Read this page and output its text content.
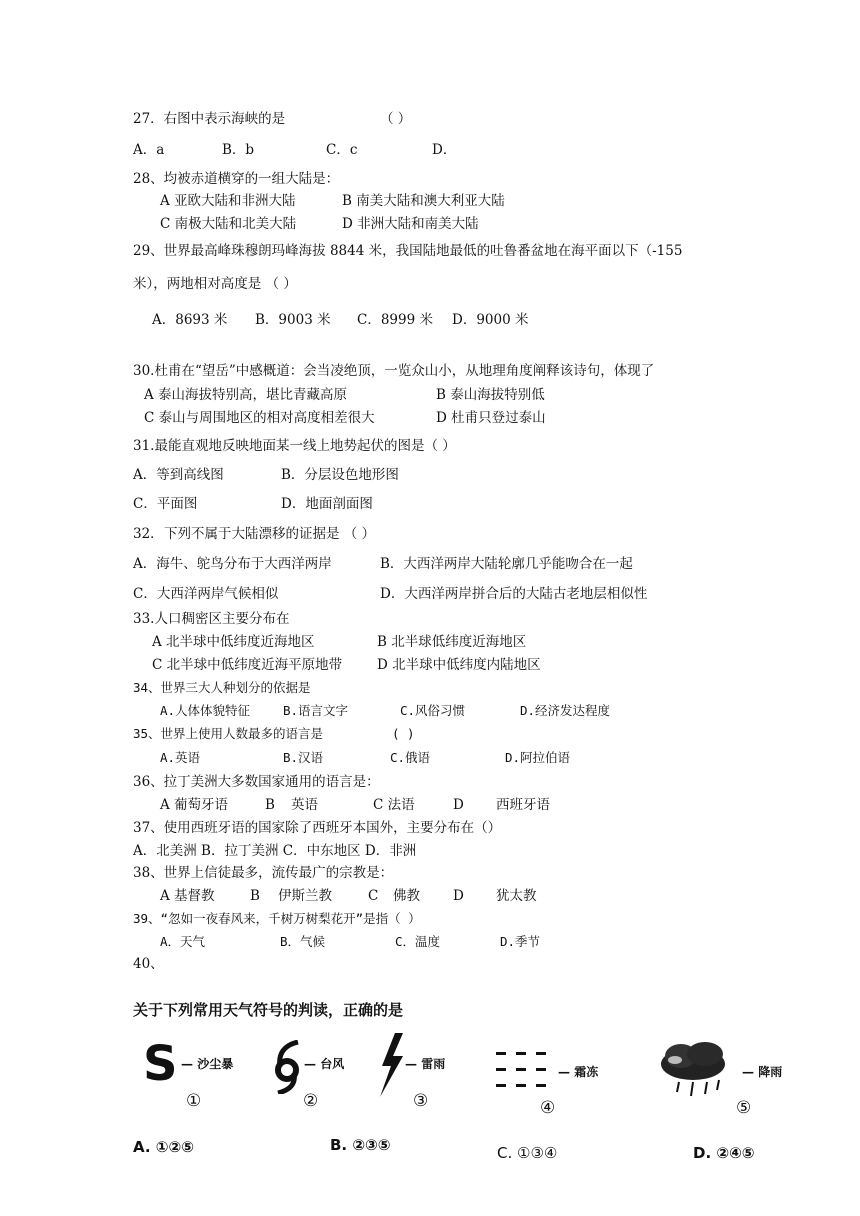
27．右图中表示海峡的是	（ ）
A．a	B．b	C．c	D．
28、均被赤道横穿的一组大陆是：
A 亚欧大陆和非洲大陆	B 南美大陆和澳大利亚大陆
C 南极大陆和北美大陆	D 非洲大陆和南美大陆
29、世界最高峰珠穆朗玛峰海拔 8844 米，我国陆地最低的吐鲁番盆地在海平面以下（-155
米），两地相对高度是 （ ）
A．8693 米 B．9003 米 C．8999 米 D．9000 米
30.杜甫在“望岳”中感概道：会当凌绝顶，一览众山小，从地理角度阐释该诗句，体现了
A 泰山海拔特别高，堪比青藏高原	B 泰山海拔特别低
C 泰山与周围地区的相对高度相差很大	D 杜甫只登过泰山
31.最能直观地反映地面某一线上地势起伏的图是（ ）
A．等到高线图	B．分层设色地形图
C．平面图	D．地面剖面图
32． 下列不属于大陆漂移的证据是 （ ）
A．海牛、鸵鸟分布于大西洋两岸	B．大西洋两岸大陆轮廓几乎能吻合在一起
C．大西洋两岸气候相似	D．大西洋两岸拼合后的大陆古老地层相似性
33.人口稠密区主要分布在
A 北半球中低纬度近海地区	B 北半球低纬度近海地区
C 北半球中低纬度近海平原地带	D 北半球中低纬度内陆地区
34、世界三大人种划分的依据是
A.人体体貌特征	B.语言文字	C.风俗习惯	D.经济发达程度
35、世界上使用人数最多的语言是	( )
A.英语	B.汉语	C.俄语	D.阿拉伯语
36、拉丁美洲大多数国家通用的语言是：
A 葡萄牙语	B 英语	C 法语	D 西班牙语
37、使用西班牙语的国家除了西班牙本国外，主要分布在（）
A．北美洲 B．拉丁美洲 C．中东地区 D．非洲
38、世界上信徒最多，流传最广的宗教是：
A 基督教	B 伊斯兰教	C 佛教 D 犹太教
39、“忽如一夜春风来，千树万树梨花开”是指（ ）
A．天气	B．气候	C．温度	D.季节
40、
关于下列常用天气符号的判读，正确的是
S — 沙尘暴
①
— 台风
②
— 雷雨
③
— 霜冻
④
— 降雨
⑤
A. ①②⑤	B. ②③⑤	C. ①③④	D. ②④⑤
